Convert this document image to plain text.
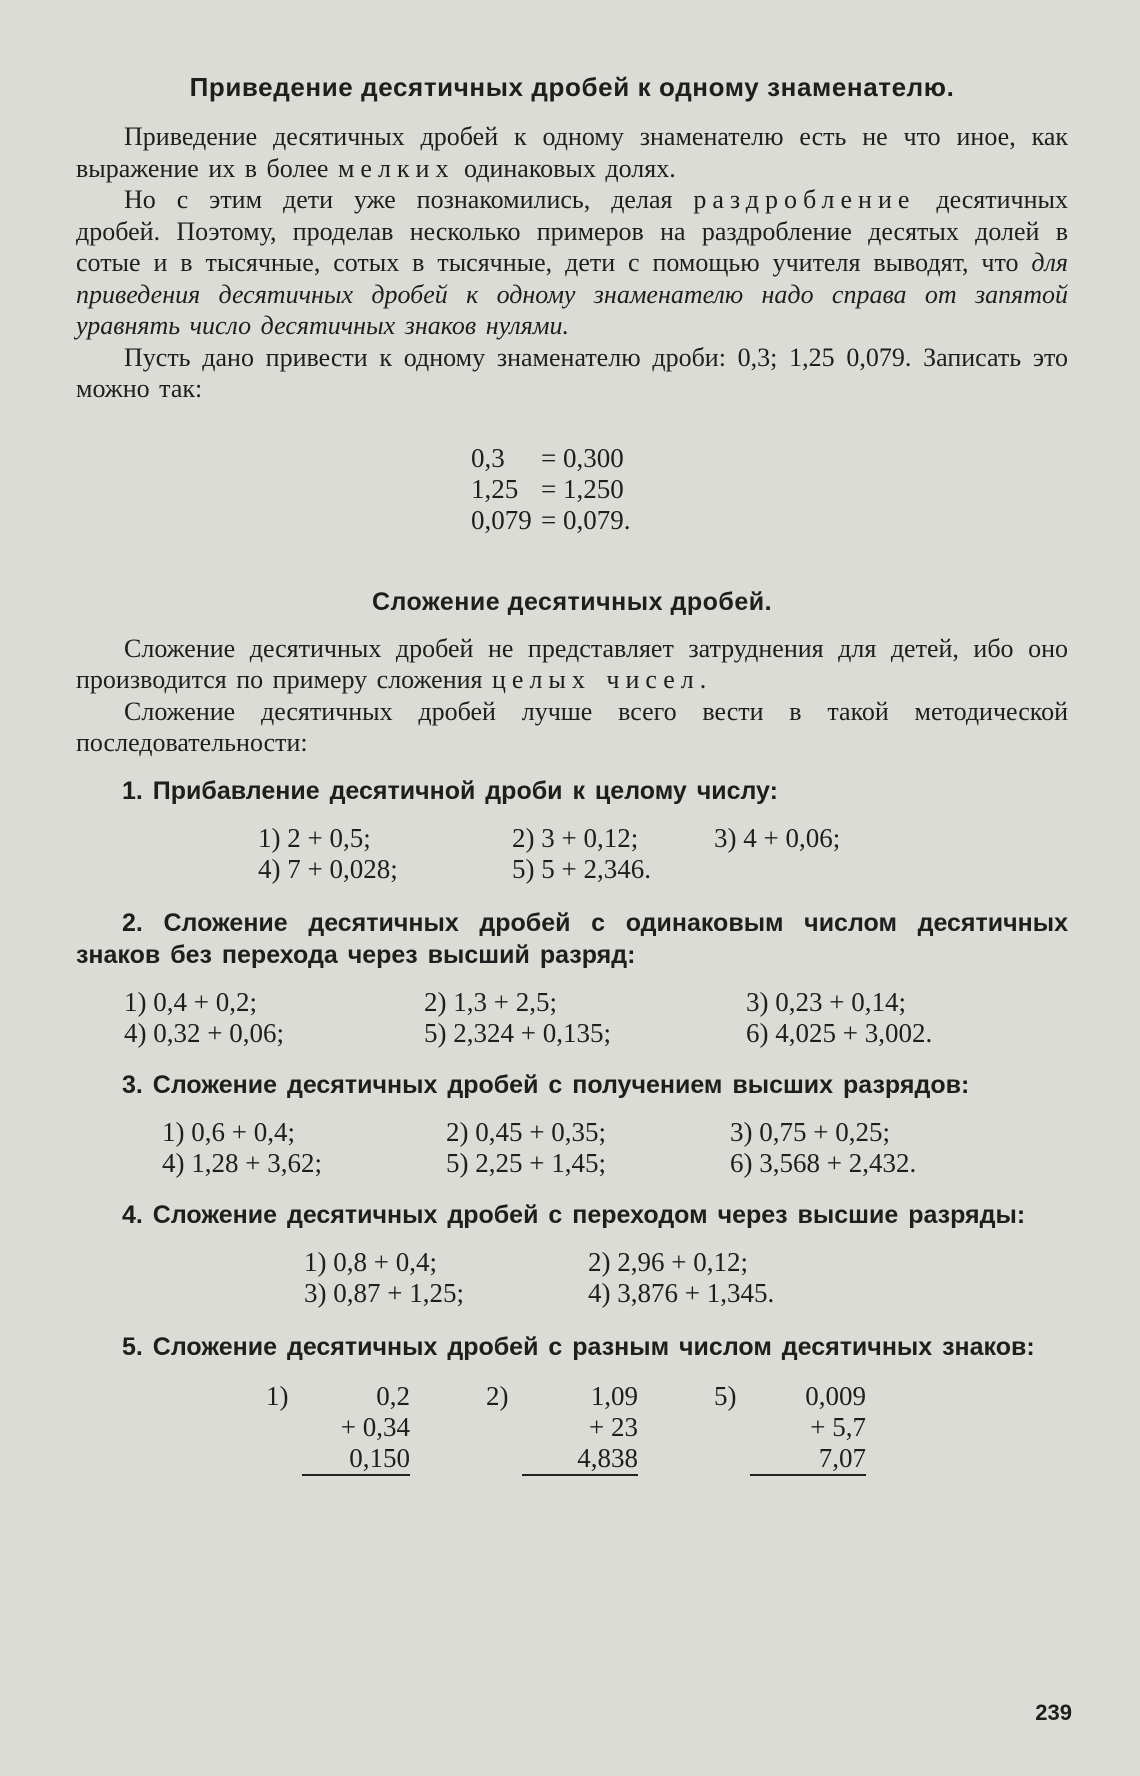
Приведение десятичных дробей к одному знаменателю.

Приведение десятичных дробей к одному знаменателю есть не что иное, как выражение их в более мелких одинаковых долях.

Но с этим дети уже познакомились, делая раздробление десятичных дробей. Поэтому, проделав несколько примеров на раздробление десятых долей в сотые и в тысячные, сотых в тысячные, дети с помощью учителя выводят, что для приведения десятичных дробей к одному знаменателю надо справа от запятой уравнять число десятичных знаков нулями.

Пусть дано привести к одному знаменателю дроби: 0,3; 1,25 0,079. Записать это можно так:

0,3	= 0,300
1,25	= 1,250
0,079	= 0,079.
Сложение десятичных дробей.

Сложение десятичных дробей не представляет затруднения для детей, ибо оно производится по примеру сложения целых чисел.

Сложение десятичных дробей лучше всего вести в такой методической последовательности:

1. Прибавление десятичной дроби к целому числу:

1) 2 + 0,5;	2) 3 + 0,12;	3) 4 + 0,06;
4) 7 + 0,028;	5) 5 + 2,346.	

2. Сложение десятичных дробей с одинаковым числом десятичных знаков без перехода через высший разряд:

1) 0,4 + 0,2;	2) 1,3 + 2,5;	3) 0,23 + 0,14;
4) 0,32 + 0,06;	5) 2,324 + 0,135;	6) 4,025 + 3,002.

3. Сложение десятичных дробей с получением высших разрядов:

1) 0,6 + 0,4;	2) 0,45 + 0,35;	3) 0,75 + 0,25;
4) 1,28 + 3,62;	5) 2,25 + 1,45;	6) 3,568 + 2,432.

4. Сложение десятичных дробей с переходом через высшие разряды:

1) 0,8 + 0,4;	2) 2,96 + 0,12;
3) 0,87 + 1,25;	4) 3,876 + 1,345.

5. Сложение десятичных дробей с разным числом десятичных знаков:

1)	0,2		2)	1,09		5)	0,009
	+ 0,34			+ 23			+ 5,7
	0,150			4,838			7,07
239
